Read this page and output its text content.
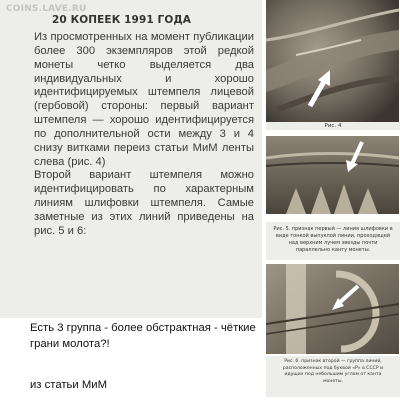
COINS.LAVE.RU
20 КОПЕЕК 1991 ГОДА

Из просмотренных на момент публикации более 300 экземпляров этой редкой монеты четко выделяется два индивидуальных и хорошо идентифицируемых штемпеля лицевой (гербовой) стороны: первый вариант штемпеля — хорошо идентифицируется по дополнительной ости между 3 и 4 снизу витками переиз статьи МиМ ленты слева (рис. 4)

Второй вариант штемпеля можно идентифицировать по характерным линиям шлифовки штемпеля. Самые заметные из этих линий приведены на рис. 5 и 6:

Рис. 4
Рис. 5. признак первый — линия шлифовки в виде тонкой выпуклой линии, проходящей над верхним лучем звезды почти параллельно канту монеты.
Рис. 6. признак второй — группа линий, расположенных под буквой «Р» в СССР и идущих под небольшим углом от канта монеты.
Есть 3 группа - более обстрактная - чёткие грани молота?!
из статьи МиМ
